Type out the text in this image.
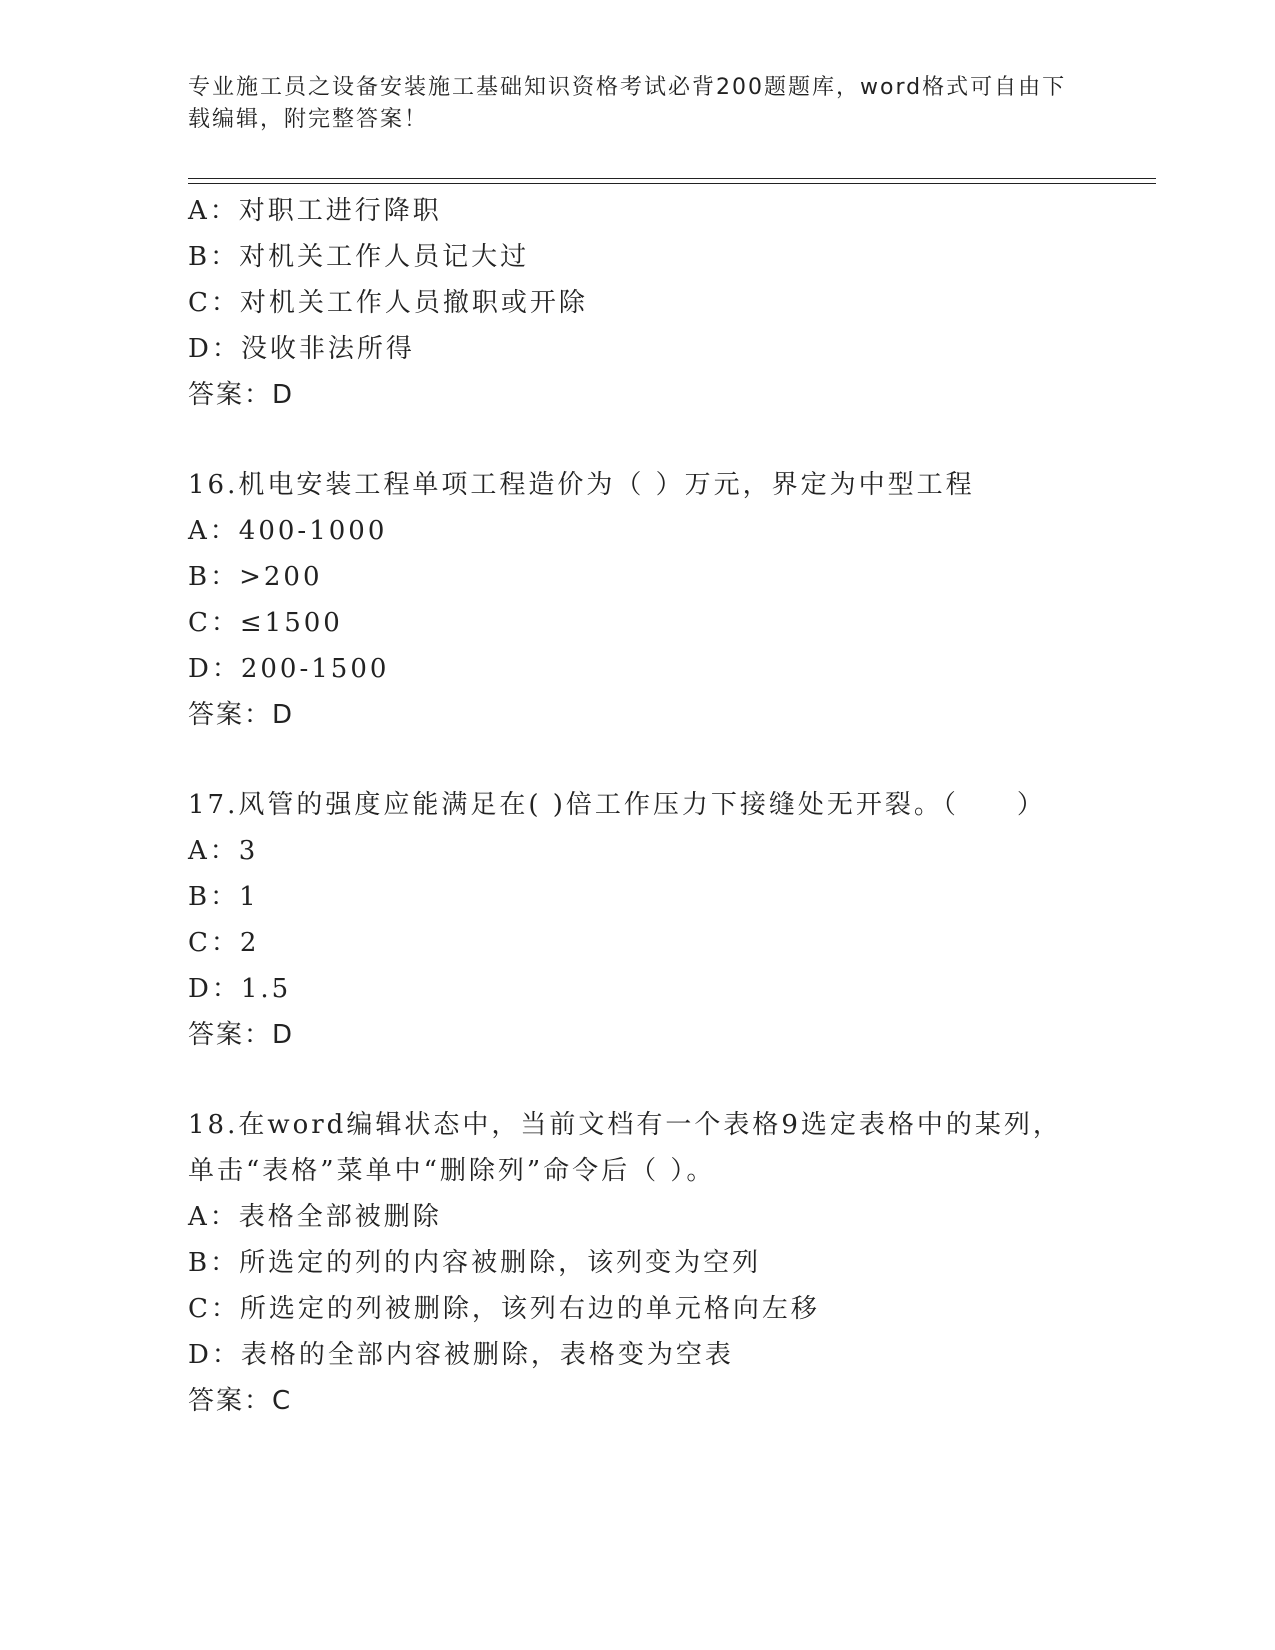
专业施工员之设备安装施工基础知识资格考试必背200题题库，word格式可自由下载编辑，附完整答案！
A：对职工进行降职
B：对机关工作人员记大过
C：对机关工作人员撤职或开除
D：没收非法所得
答案：D
16.机电安装工程单项工程造价为（ ）万元，界定为中型工程
A：400-1000
B：>200
C：≤1500
D：200-1500
答案：D
17.风管的强度应能满足在( )倍工作压力下接缝处无开裂。（　　）
A：3
B：1
C：2
D：1.5
答案：D
18.在word编辑状态中，当前文档有一个表格9选定表格中的某列，
单击“表格”菜单中“删除列”命令后（ ）。
A：表格全部被删除
B：所选定的列的内容被删除，该列变为空列
C：所选定的列被删除，该列右边的单元格向左移
D：表格的全部内容被删除，表格变为空表
答案：C
